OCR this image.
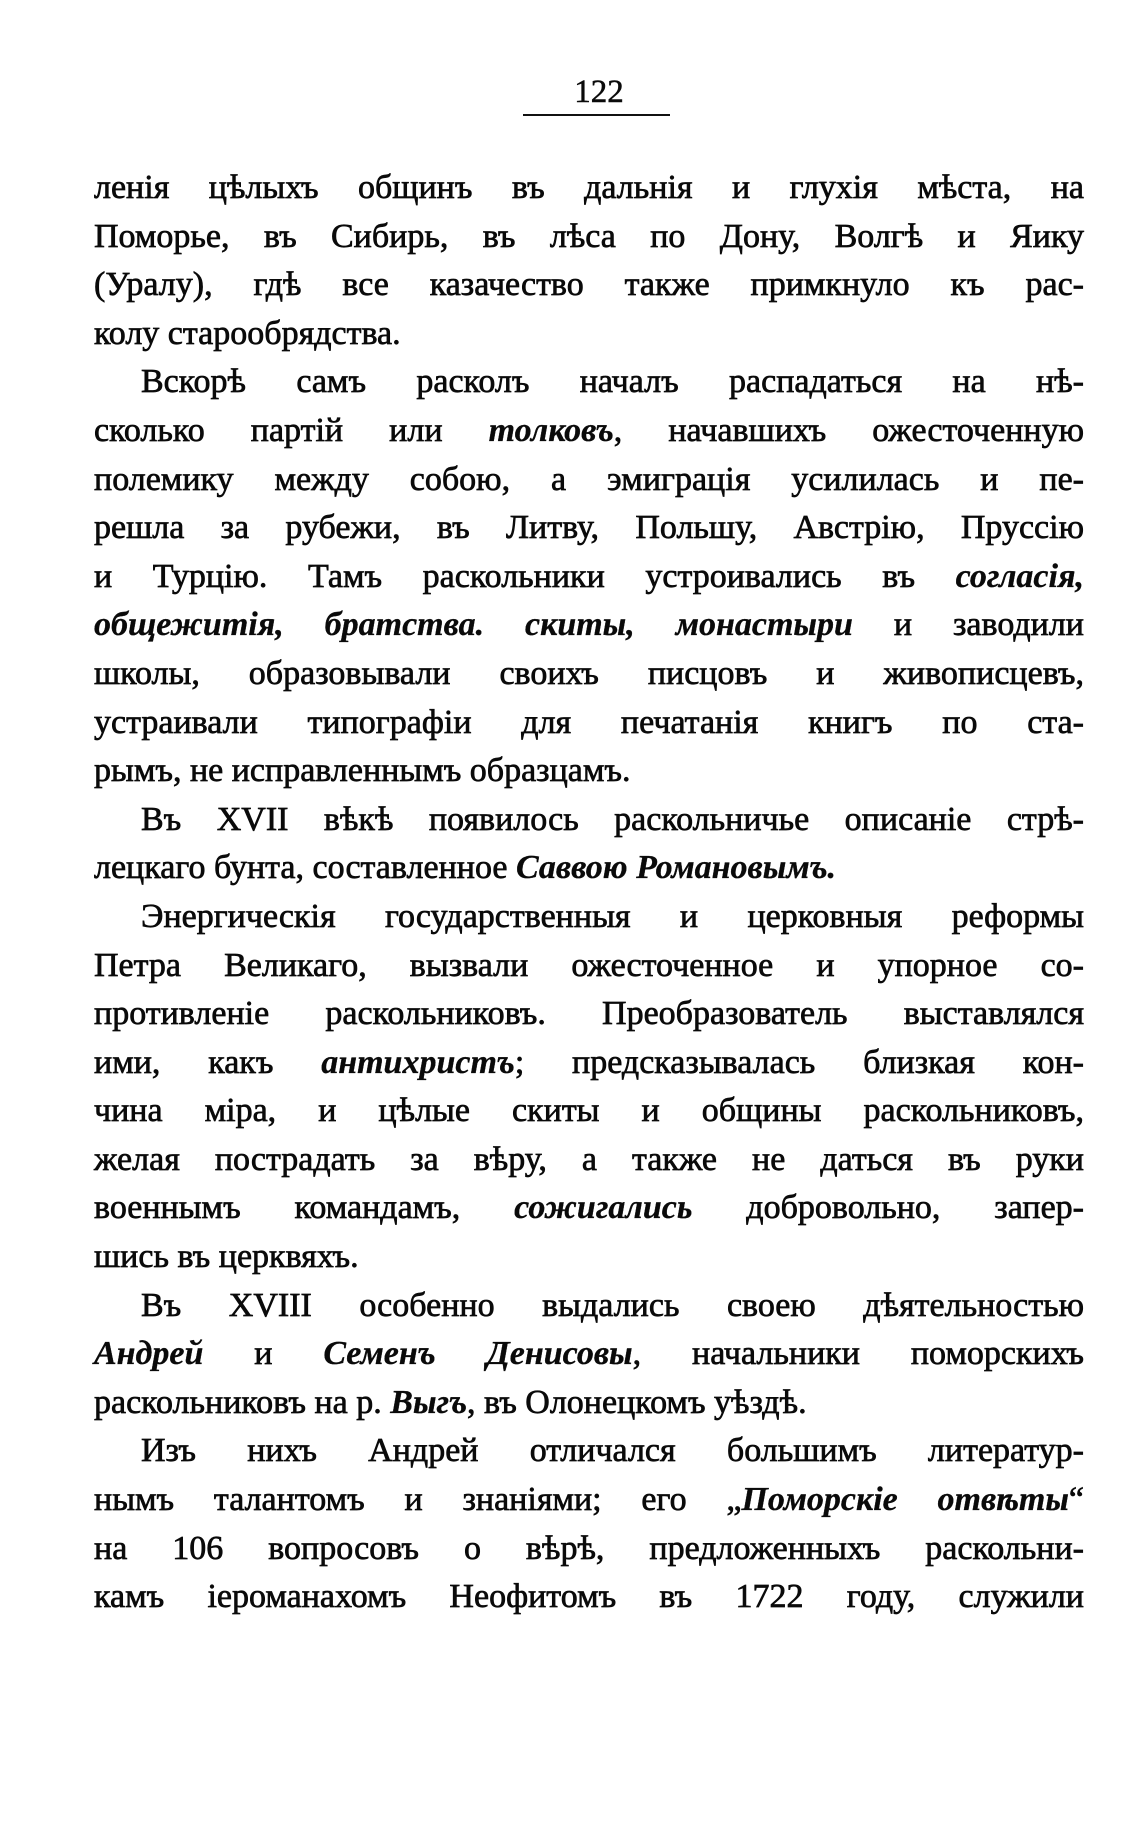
122
ленія цѣлыхъ общинъ въ дальнія и глухія мѣста, на
Поморье, въ Сибирь, въ лѣса по Дону, Волгѣ и Яику
(Уралу), гдѣ все казачество также примкнуло къ рас-
колу старообрядства.
Вскорѣ самъ расколъ началъ распадаться на нѣ-
сколько партій или толковъ, начавшихъ ожесточенную
полемику между собою, а эмиграція усилилась и пе-
решла за рубежи, въ Литву, Польшу, Австрію, Пруссію
и Турцію. Тамъ раскольники устроивались въ согласія,
общежитія, братства. скиты, монастыри и заводили
школы, образовывали своихъ писцовъ и живописцевъ,
устраивали типографіи для печатанія книгъ по ста-
рымъ, не исправленнымъ образцамъ.
Въ XVII вѣкѣ появилось раскольничье описаніе стрѣ-
лецкаго бунта, составленное Саввою Романовымъ.
Энергическія государственныя и церковныя реформы
Петра Великаго, вызвали ожесточенное и упорное со-
противленіе раскольниковъ. Преобразователь выставлялся
ими, какъ антихристъ; предсказывалась близкая кон-
чина міра, и цѣлые скиты и общины раскольниковъ,
желая пострадать за вѣру, а также не даться въ руки
военнымъ командамъ, сожигались добровольно, запер-
шись въ церквяхъ.
Въ XVIII особенно выдались своею дѣятельностью
Андрей и Семенъ Денисовы, начальники поморскихъ
раскольниковъ на р. Выгъ, въ Олонецкомъ уѣздѣ.
Изъ нихъ Андрей отличался большимъ литератур-
нымъ талантомъ и знаніями; его „Поморскіе отвѣты“
на 106 вопросовъ о вѣрѣ, предложенныхъ раскольни-
камъ іероманахомъ Неофитомъ въ 1722 году, служили
